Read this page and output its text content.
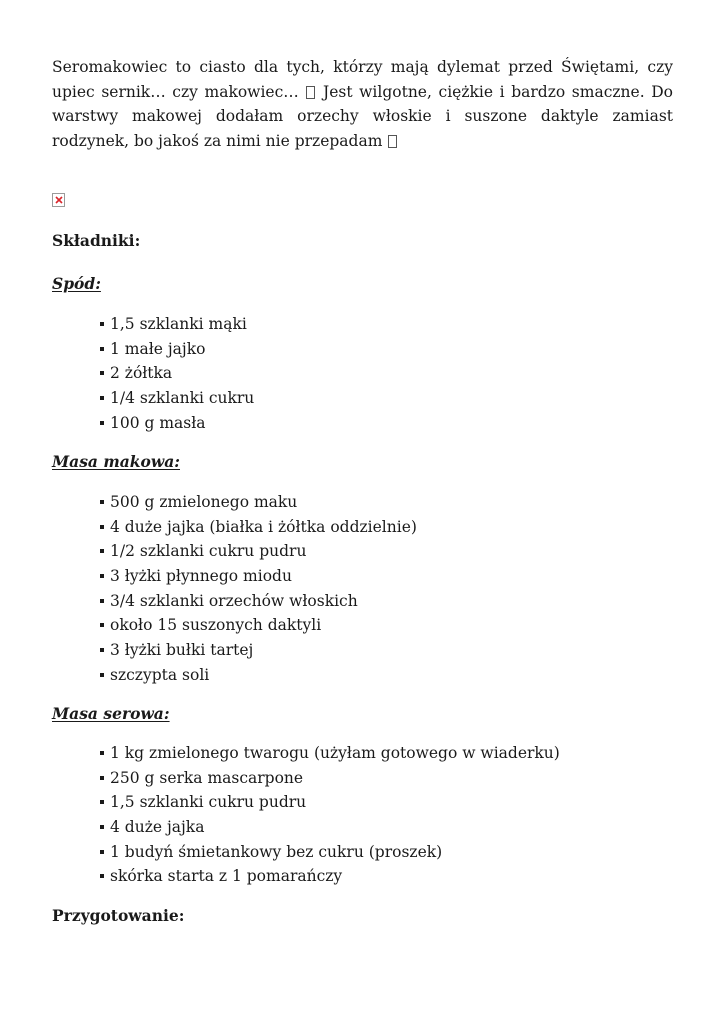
Seromakowiec to ciasto dla tych, którzy mają dylemat przed Świętami, czy upiec sernik… czy makowiec…  Jest wilgotne, ciężkie i bardzo smaczne. Do warstwy makowej dodałam orzechy włoskie i suszone daktyle zamiast rodzynek, bo jakoś za nimi nie przepadam

Składniki:
Spód:
1,5 szklanki mąki
1 małe jajko
2 żółtka
1/4 szklanki cukru
100 g masła
Masa makowa:
500 g zmielonego maku
4 duże jajka (białka i żółtka oddzielnie)
1/2 szklanki cukru pudru
3 łyżki płynnego miodu
3/4 szklanki orzechów włoskich
około 15 suszonych daktyli
3 łyżki bułki tartej
szczypta soli
Masa serowa:
1 kg zmielonego twarogu (użyłam gotowego w wiaderku)
250 g serka mascarpone
1,5 szklanki cukru pudru
4 duże jajka
1 budyń śmietankowy bez cukru (proszek)
skórka starta z 1 pomarańczy
Przygotowanie:
